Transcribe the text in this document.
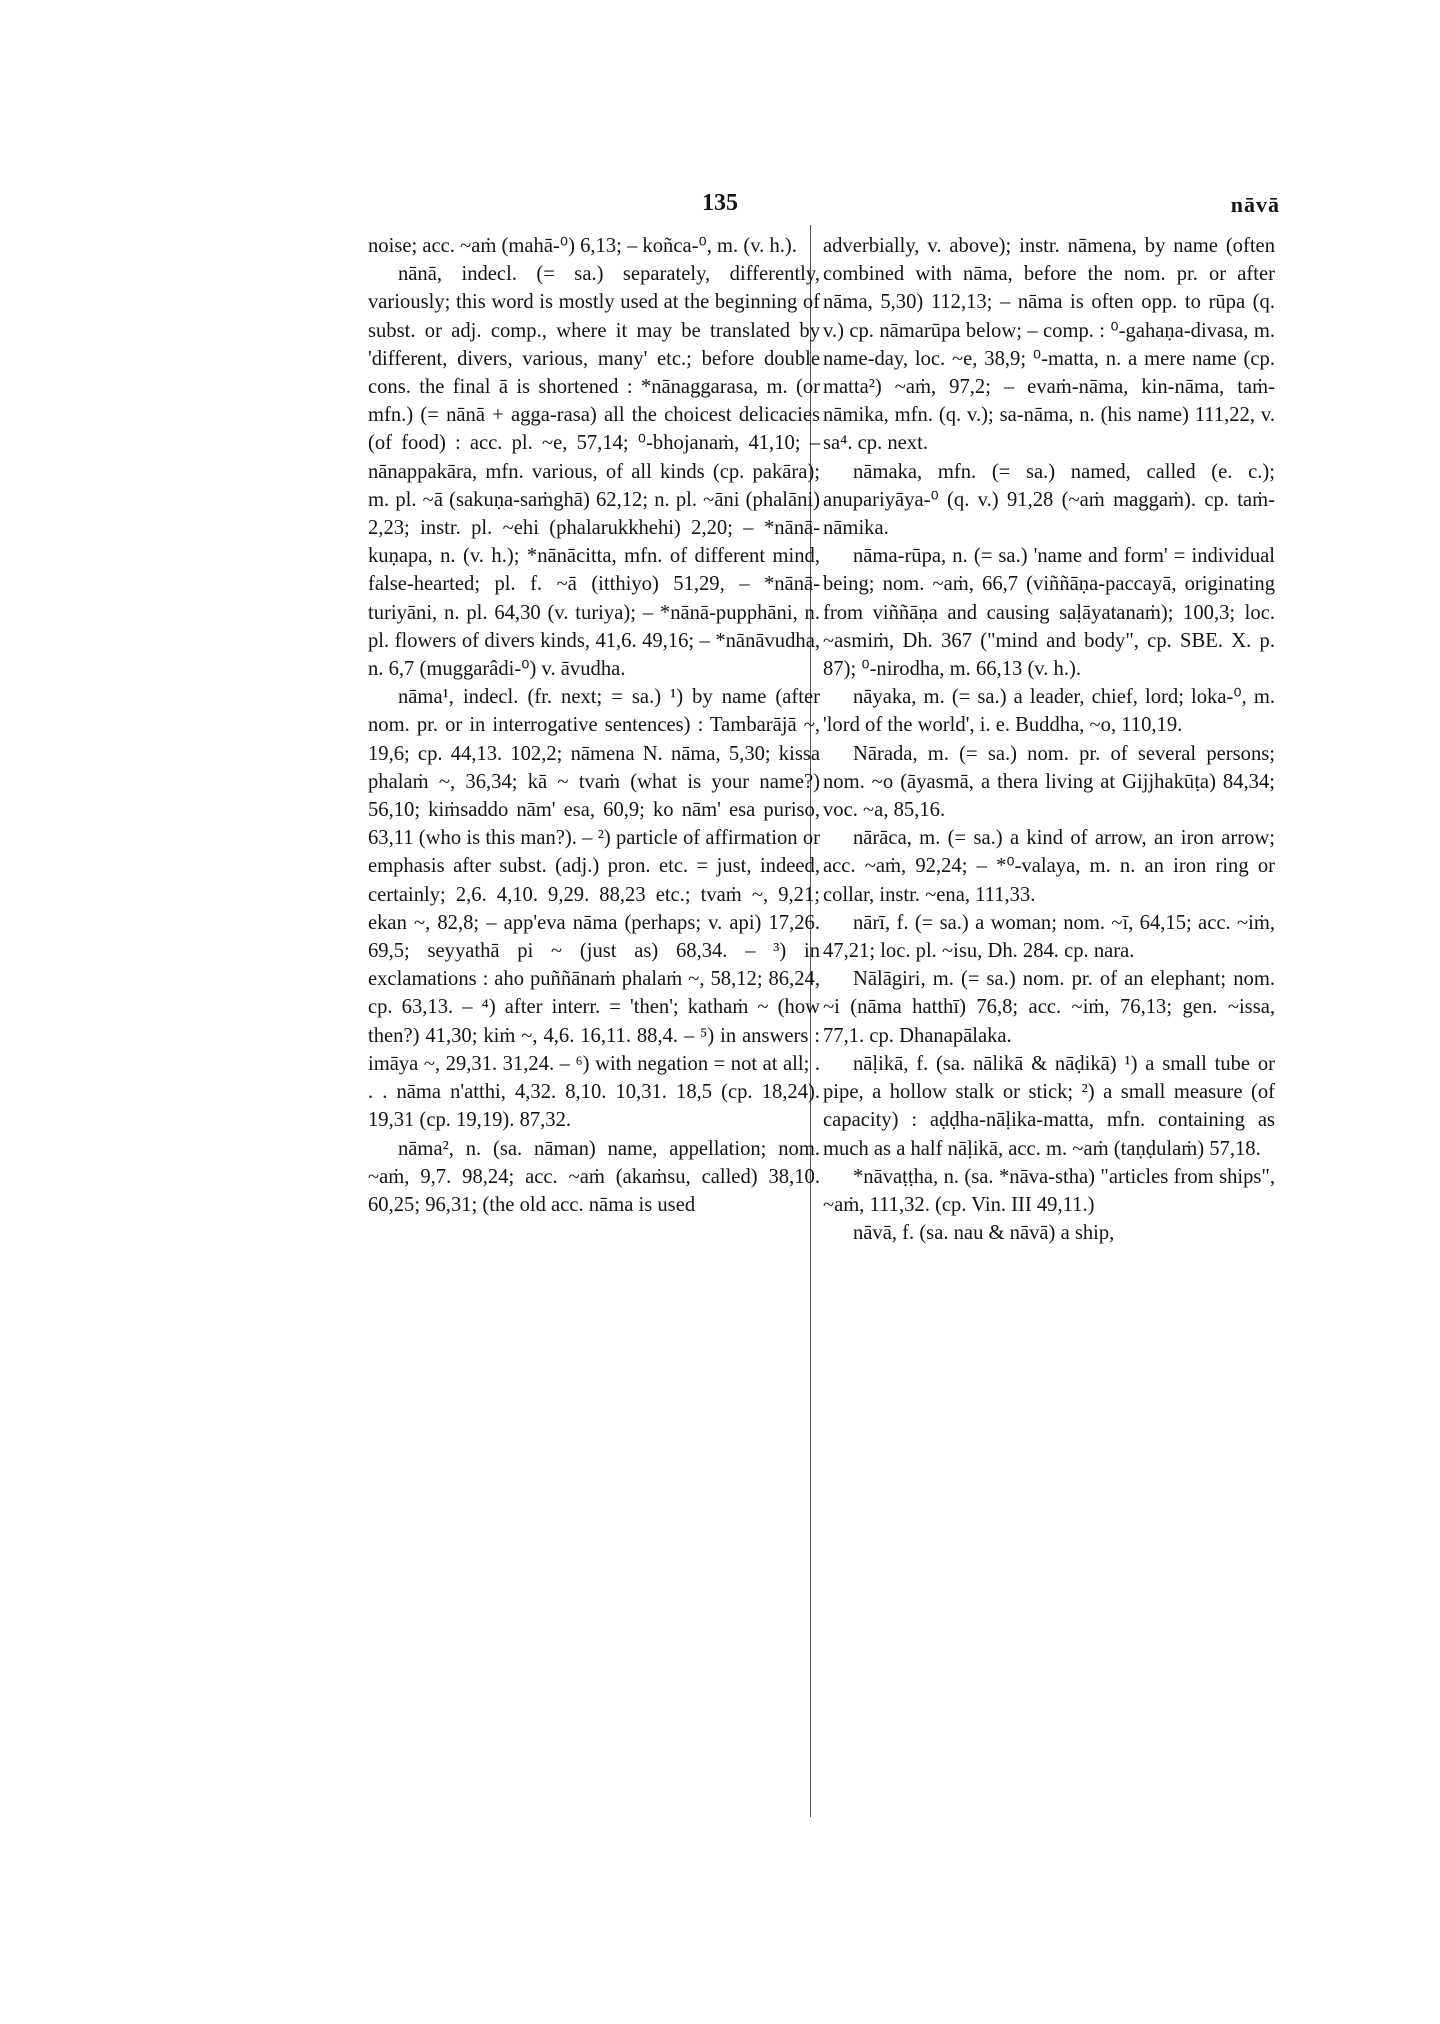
135	nāvā

noise; acc. ~aṁ (mahā-⁰) 6,13; – koñca-⁰, m. (v. h.).

nānā, indecl. (= sa.) separately, differently, variously; this word is mostly used at the beginning of subst. or adj. comp., where it may be translated by 'different, divers, various, many' etc.; before double cons. the final ā is shortened : *nānaggarasa, m. (or mfn.) (= nānā + agga-rasa) all the choicest delicacies (of food) : acc. pl. ~e, 57,14; ⁰-bhojanaṁ, 41,10; – nānappakāra, mfn. various, of all kinds (cp. pakāra); m. pl. ~ā (sakuṇa-saṁghā) 62,12; n. pl. ~āni (phalāni) 2,23; instr. pl. ~ehi (phalarukkhehi) 2,20; – *nānā-kuṇapa, n. (v. h.); *nānācitta, mfn. of different mind, false-hearted; pl. f. ~ā (itthiyo) 51,29, – *nānā-turiyāni, n. pl. 64,30 (v. turiya); – *nānā-pupphāni, n. pl. flowers of divers kinds, 41,6. 49,16; – *nānāvudha, n. 6,7 (muggarâdi-⁰) v. āvudha.

nāma¹, indecl. (fr. next; = sa.) ¹) by name (after nom. pr. or in interrogative sentences) : Tambarājā ~, 19,6; cp. 44,13. 102,2; nāmena N. nāma, 5,30; kissa phalaṁ ~, 36,34; kā ~ tvaṁ (what is your name?) 56,10; kiṁsaddo nām' esa, 60,9; ko nām' esa puriso, 63,11 (who is this man?). – ²) particle of affirmation or emphasis after subst. (adj.) pron. etc. = just, indeed, certainly; 2,6. 4,10. 9,29. 88,23 etc.; tvaṁ ~, 9,21; ekan ~, 82,8; – app'eva nāma (perhaps; v. api) 17,26. 69,5; seyyathā pi ~ (just as) 68,34. – ³) in exclamations : aho puññānaṁ phalaṁ ~, 58,12; 86,24, cp. 63,13. – ⁴) after interr. = 'then'; kathaṁ ~ (how then?) 41,30; kiṁ ~, 4,6. 16,11. 88,4. – ⁵) in answers : imāya ~, 29,31. 31,24. – ⁶) with negation = not at all; . . . nāma n'atthi, 4,32. 8,10. 10,31. 18,5 (cp. 18,24). 19,31 (cp. 19,19). 87,32.

nāma², n. (sa. nāman) name, appellation; nom. ~aṁ, 9,7. 98,24; acc. ~aṁ (akaṁsu, called) 38,10. 60,25; 96,31; (the old acc. nāma is used

adverbially, v. above); instr. nāmena, by name (often combined with nāma, before the nom. pr. or after nāma, 5,30) 112,13; – nāma is often opp. to rūpa (q. v.) cp. nāmarūpa below; – comp. : ⁰-gahaṇa-divasa, m. name-day, loc. ~e, 38,9; ⁰-matta, n. a mere name (cp. matta²) ~aṁ, 97,2; – evaṁ-nāma, kin-nāma, taṁ-nāmika, mfn. (q. v.); sa-nāma, n. (his name) 111,22, v. sa⁴. cp. next.

nāmaka, mfn. (= sa.) named, called (e. c.); anupariyāya-⁰ (q. v.) 91,28 (~aṁ maggaṁ). cp. taṁ-nāmika.

nāma-rūpa, n. (= sa.) 'name and form' = individual being; nom. ~aṁ, 66,7 (viññāṇa-paccayā, originating from viññāṇa and causing saḷāyatanaṁ); 100,3; loc. ~asmiṁ, Dh. 367 ("mind and body", cp. SBE. X. p. 87); ⁰-nirodha, m. 66,13 (v. h.).

nāyaka, m. (= sa.) a leader, chief, lord; loka-⁰, m. 'lord of the world', i. e. Buddha, ~o, 110,19.

Nārada, m. (= sa.) nom. pr. of several persons; nom. ~o (āyasmā, a thera living at Gijjhakūṭa) 84,34; voc. ~a, 85,16.

nārāca, m. (= sa.) a kind of arrow, an iron arrow; acc. ~aṁ, 92,24; – *⁰-valaya, m. n. an iron ring or collar, instr. ~ena, 111,33.

nārī, f. (= sa.) a woman; nom. ~ī, 64,15; acc. ~iṁ, 47,21; loc. pl. ~isu, Dh. 284. cp. nara.

Nālāgiri, m. (= sa.) nom. pr. of an elephant; nom. ~i (nāma hatthī) 76,8; acc. ~iṁ, 76,13; gen. ~issa, 77,1. cp. Dhanapālaka.

nāḷikā, f. (sa. nālikā & nāḍikā) ¹) a small tube or pipe, a hollow stalk or stick; ²) a small measure (of capacity) : aḍḍha-nāḷika-matta, mfn. containing as much as a half nāḷikā, acc. m. ~aṁ (taṇḍulaṁ) 57,18.

*nāvaṭṭha, n. (sa. *nāva-stha) "articles from ships", ~aṁ, 111,32. (cp. Vin. III 49,11.)

nāvā, f. (sa. nau & nāvā) a ship,
